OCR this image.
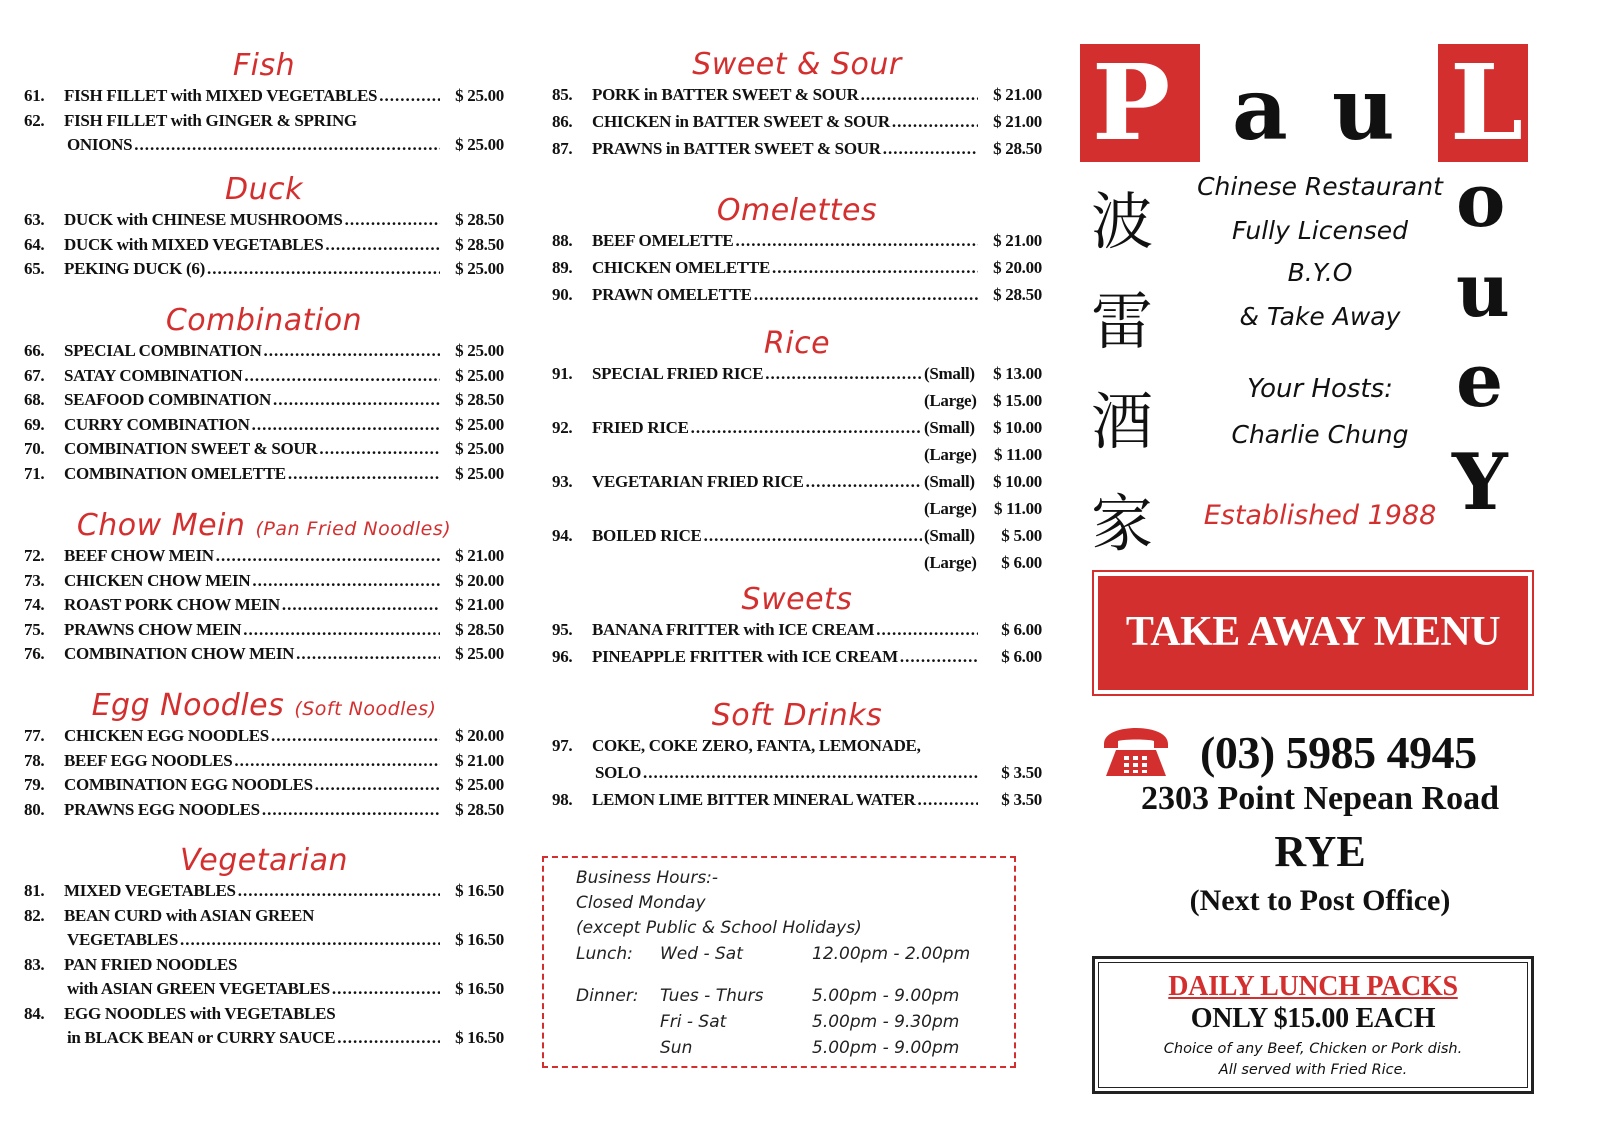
Fish
61.	FISH FILLET with MIXED VEGETABLES .....	$ 25.00
62.	FISH FILLET with GINGER & SPRING
ONIONS .....	$ 25.00
Duck
63.	DUCK with CHINESE MUSHROOMS .....	$ 28.50
64.	DUCK with MIXED VEGETABLES .....	$ 28.50
65.	PEKING DUCK (6) .....	$ 25.00
Combination
66.	SPECIAL COMBINATION .....	$ 25.00
67.	SATAY COMBINATION .....	$ 25.00
68.	SEAFOOD COMBINATION .....	$ 28.50
69.	CURRY COMBINATION .....	$ 25.00
70.	COMBINATION SWEET & SOUR .....	$ 25.00
71.	COMBINATION OMELETTE .....	$ 25.00
Chow Mein (Pan Fried Noodles)
72.	BEEF CHOW MEIN .....	$ 21.00
73.	CHICKEN CHOW MEIN .....	$ 20.00
74.	ROAST PORK CHOW MEIN .....	$ 21.00
75.	PRAWNS CHOW MEIN .....	$ 28.50
76.	COMBINATION CHOW MEIN .....	$ 25.00
Egg Noodles (Soft Noodles)
77.	CHICKEN EGG NOODLES .....	$ 20.00
78.	BEEF EGG NOODLES .....	$ 21.00
79.	COMBINATION EGG NOODLES .....	$ 25.00
80.	PRAWNS EGG NOODLES .....	$ 28.50
Vegetarian
81.	MIXED VEGETABLES .....	$ 16.50
82.	BEAN CURD with ASIAN GREEN
VEGETABLES .....	$ 16.50
83.	PAN FRIED NOODLES
with ASIAN GREEN VEGETABLES .....	$ 16.50
84.	EGG NOODLES with VEGETABLES
in BLACK BEAN or CURRY SAUCE .....	$ 16.50
Sweet & Sour
85.	PORK in BATTER SWEET & SOUR .....	$ 21.00
86.	CHICKEN in BATTER SWEET & SOUR .....	$ 21.00
87.	PRAWNS in BATTER SWEET & SOUR .....	$ 28.50
Omelettes
88.	BEEF OMELETTE .....	$ 21.00
89.	CHICKEN OMELETTE .....	$ 20.00
90.	PRAWN OMELETTE .....	$ 28.50
Rice
91.	SPECIAL FRIED RICE .....	(Small)	$ 13.00
(Large) $ 15.00
92.	FRIED RICE .....	(Small)	$ 10.00
(Large)	$ 11.00
93.	VEGETARIAN FRIED RICE .....	(Small)	$ 10.00
(Large)	$ 11.00
94.	BOILED RICE .....	(Small)	$ 5.00
(Large)	$ 6.00
Sweets
95.	BANANA FRITTER with ICE CREAM .....	$ 6.00
96.	PINEAPPLE FRITTER with ICE CREAM .....	$ 6.00
Soft Drinks
97.	COKE, COKE ZERO, FANTA, LEMONADE,
SOLO .....	$ 3.50
98.	LEMON LIME BITTER MINERAL WATER .....	$ 3.50
Business Hours:-
Closed Monday
(except Public & School Holidays)
Lunch:	Wed - Sat	12.00pm - 2.00pm
Dinner:	Tues - Thurs	5.00pm - 9.00pm
Fri - Sat	5.00pm - 9.30pm
Sun	5.00pm - 9.00pm
P a u L
o
u
e
Y
波
雷
酒
家
Chinese Restaurant
Fully Licensed
B.Y.O
& Take Away
Your Hosts:
Charlie Chung
Established 1988
TAKE AWAY MENU
(03) 5985 4945
2303 Point Nepean Road
RYE
(Next to Post Office)
DAILY LUNCH PACKS
ONLY $15.00 EACH
Choice of any Beef, Chicken or Pork dish.
All served with Fried Rice.
